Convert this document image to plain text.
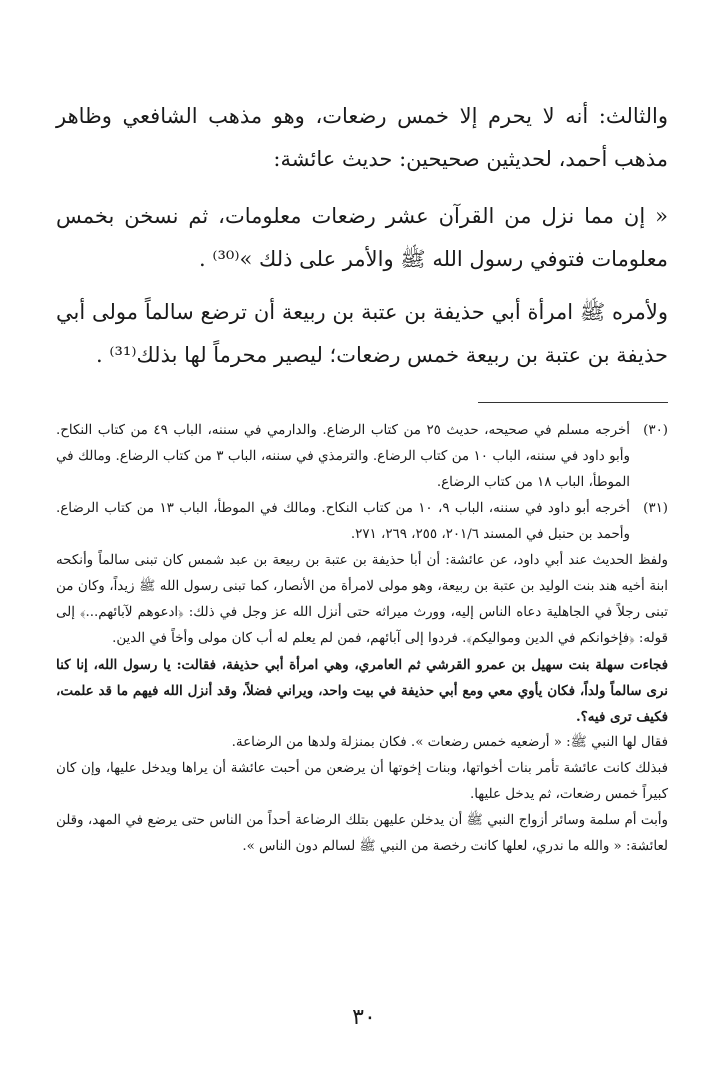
والثالث: أنه لا يحرم إلا خمس رضعات، وهو مذهب الشافعي وظاهر مذهب أحمد، لحديثين صحيحين: حديث عائشة:

« إن مما نزل من القرآن عشر رضعات معلومات، ثم نسخن بخمس معلومات فتوفي رسول الله ﷺ والأمر على ذلك »⁽³⁰⁾ .

ولأمره ﷺ امرأة أبي حذيفة بن عتبة بن ربيعة أن ترضع سالماً مولى أبي حذيفة بن عتبة بن ربيعة خمس رضعات؛ ليصير محرماً لها بذلك⁽³¹⁾ .

(٣٠)
أخرجه مسلم في صحيحه، حديث ٢٥ من كتاب الرضاع. والدارمي في سننه، الباب ٤٩ من كتاب النكاح. وأبو داود في سننه، الباب ١٠ من كتاب الرضاع. والترمذي في سننه، الباب ٣ من كتاب الرضاع. ومالك في الموطأ، الباب ١٨ من كتاب الرضاع.

(٣١)
أخرجه أبو داود في سننه، الباب ٩، ١٠ من كتاب النكاح. ومالك في الموطأ، الباب ١٣ من كتاب الرضاع. وأحمد بن حنبل في المسند ٢٠١/٦، ٢٥٥، ٢٦٩، ٢٧١.

ولفظ الحديث عند أبي داود، عن عائشة: أن أبا حذيفة بن عتبة بن ربيعة بن عبد شمس كان تبنى سالماً وأنكحه ابنة أخيه هند بنت الوليد بن عتبة بن ربيعة، وهو مولى لامرأة من الأنصار، كما تبنى رسول الله ﷺ زيداً، وكان من تبنى رجلاً في الجاهلية دعاه الناس إليه، وورث ميراثه حتى أنزل الله عز وجل في ذلك: ﴿ادعوهم لآبائهم...﴾ إلى قوله: ﴿فإخوانكم في الدين ومواليكم﴾. فردوا إلى آبائهم، فمن لم يعلم له أب كان مولى وأخاً في الدين.

فجاءت سهلة بنت سهيل بن عمرو القرشي ثم العامري، وهي امرأة أبي حذيفة، فقالت: يا رسول الله، إنا كنا نرى سالماً ولداً، فكان يأوي معي ومع أبي حذيفة في بيت واحد، ويراني فضلاً، وقد أنزل الله فيهم ما قد علمت، فكيف ترى فيه؟.

فقال لها النبي ﷺ: « أرضعيه خمس رضعات ». فكان بمنزلة ولدها من الرضاعة.

فبذلك كانت عائشة تأمر بنات أخواتها، وبنات إخوتها أن يرضعن من أحبت عائشة أن يراها ويدخل عليها، وإن كان كبيراً خمس رضعات، ثم يدخل عليها.

وأبت أم سلمة وسائر أزواج النبي ﷺ أن يدخلن عليهن بتلك الرضاعة أحداً من الناس حتى يرضع في المهد، وقلن لعائشة: « والله ما ندري، لعلها كانت رخصة من النبي ﷺ لسالم دون الناس ».

٣٠
